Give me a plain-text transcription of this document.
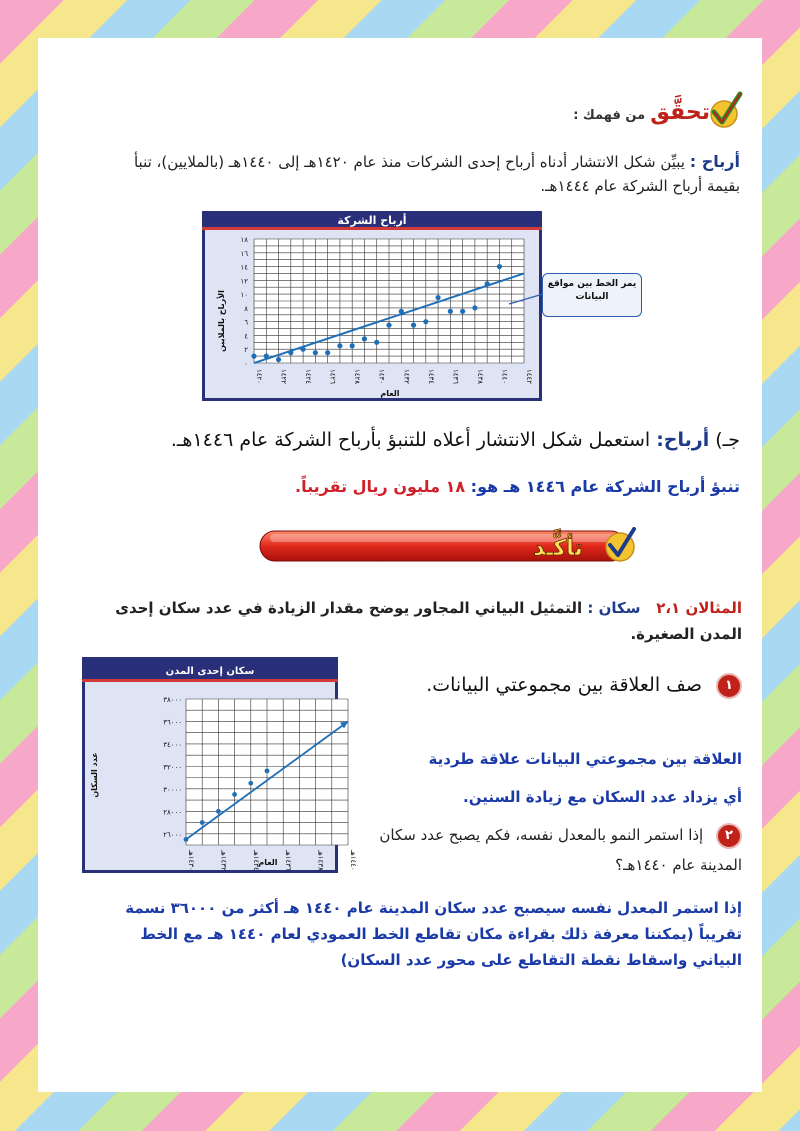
تحقَّق من فهمك :
أرباح : يبيِّن شكل الانتشار أدناه أرباح إحدى الشركات منذ عام ١٤٢٠هـ إلى ١٤٤٠هـ (بالملايين)، تنبأ بقيمة أرباح الشركة عام ١٤٤٤هـ.
أرباح الشركة
العام
الأرباح بالملايين
٠
٢
٤
٦
٨
١٠
١٢
١٤
١٦
١٨
١٤٢٠ ١٤٢٢ ١٤٢٤ ١٤٢٦ ١٤٢٨ ١٤٣٠ ١٤٣٢ ١٤٣٤ ١٤٣٦ ١٤٣٨ ١٤٤٠ ١٤٤٢
يمر الخط بين مواقع البيانات
جـ) أرباح: استعمل شكل الانتشار أعلاه للتنبؤ بأرباح الشركة عام ١٤٤٦هـ.
تنبؤ أرباح الشركة عام ١٤٤٦ هـ هو: ١٨ مليون ريال تقريباً.
تأكَّـد
المثالان ٢،١   سكان : التمثيل البياني المجاور يوضح مقدار الزيادة في عدد سكان إحدى المدن الصغيرة.
سكان إحدى المدن
العام
عدد السكان
٢٦٠٠٠
٢٨٠٠٠
٣٠٠٠٠
٣٢٠٠٠
٣٤٠٠٠
٣٦٠٠٠
٣٨٠٠٠
١٤٣٠هـ
١٤٣٢هـ
١٤٣٤هـ
١٤٣٦هـ
١٤٣٨هـ
١٤٤٠هـ
١ صف العلاقة بين مجموعتي البيانات.
العلاقة بين مجموعتي البيانات علاقة طردية
أي يزداد عدد السكان مع زيادة السنين.
٢ إذا استمر النمو بالمعدل نفسه، فكم يصبح عدد سكان المدينة عام ١٤٤٠هـ؟
إذا استمر المعدل نفسه سيصبح عدد سكان المدينة عام ١٤٤٠ هـ أكثر من ٣٦٠٠٠ نسمة تقريباً (يمكننا معرفة ذلك بقراءة مكان تقاطع الخط العمودي لعام ١٤٤٠ هـ مع الخط البياني واسقاط نقطة التقاطع على محور عدد السكان)
